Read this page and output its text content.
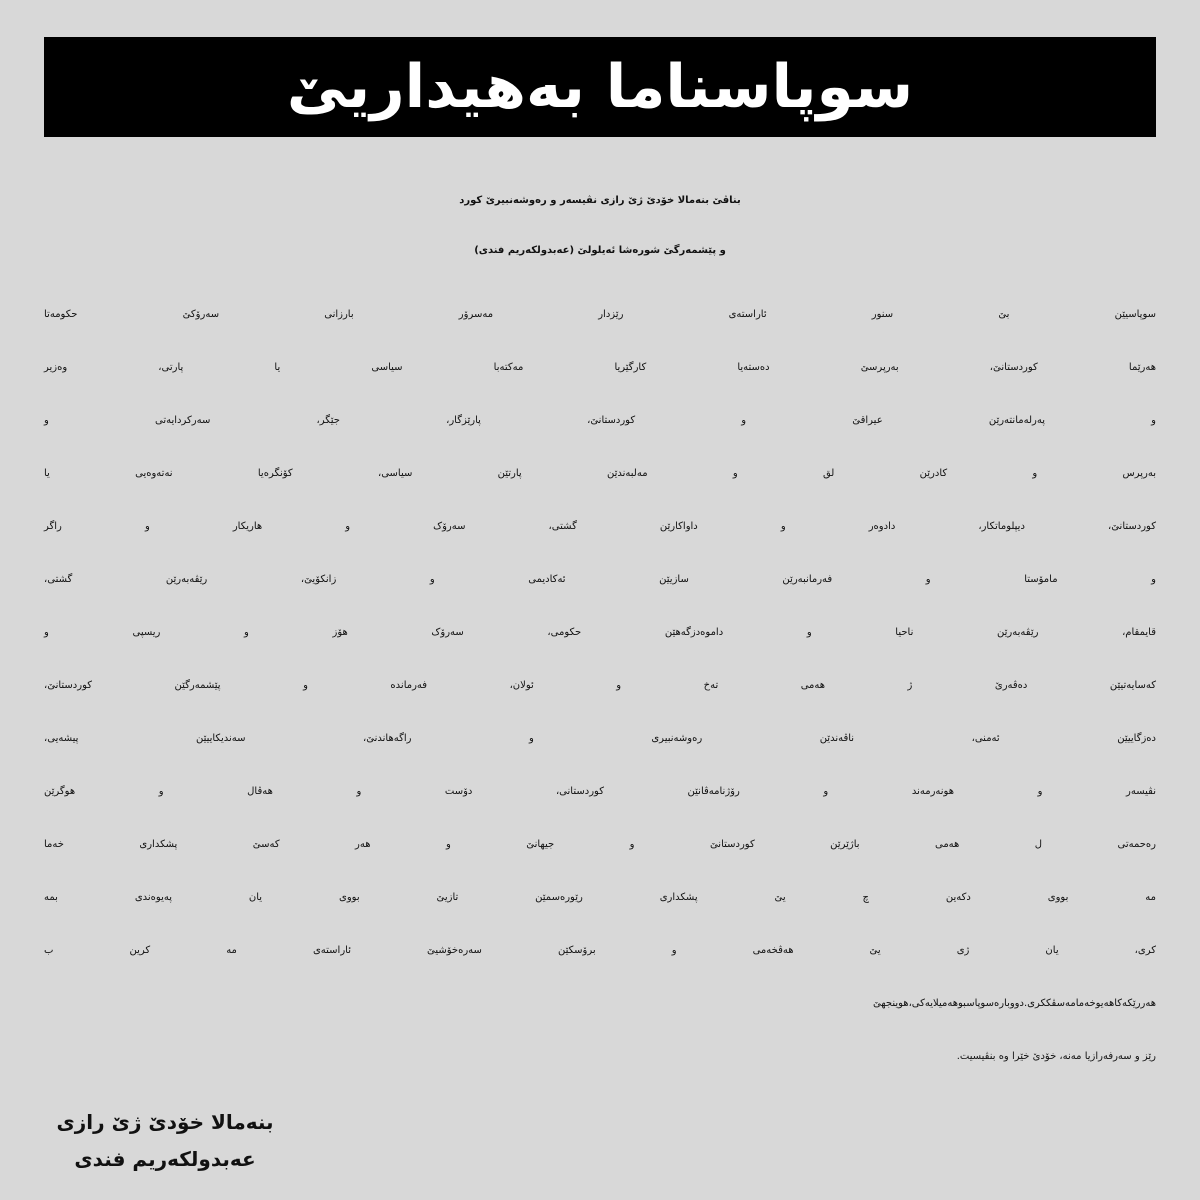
سوپاسناما بەهیداریێ
بناڤێ بنەمالا خۆدێ ژێ رازی نڤیسەر و رەوشەنبیرێ کورد
و پێشمەرگێ شورەشا ئەیلولێ (عەبدولکەریم فندی)
سوپاسیێن بێ سنور ئاراستەی رێزدار مەسرۆر بارزانی سەرۆکێ حکومەتا
هەرێما کوردستانێ، بەرپرسێ دەستەیا کارگێریا مەکتەبا سیاسی یا پارتی، وەزیر
و پەرلەمانتەرێن عیراقێ و کوردستانێ، پارێزگار، جێگر، سەرکردایەتی و
بەرپرس و کادرێن لق و مەلبەندێن پارتێن سیاسی، کۆنگرەیا نەتەوەیی یا
کوردستانێ، دیپلوماتکار، دادوەر و داواکارێن گشتی، سەرۆک و هاریکار و راگر
و مامۆستا و فەرمانبەرێن سازیێن ئەکادیمی و زانکۆیێ، رێڤەبەرێن گشتی،
قایمقام، رێڤەبەرێن ناحیا و داموەدزگەهێن حکومی، سەرۆک هۆز و ریسپی و
کەسایەتیێن دەڤەرێ ژ هەمی تەخ و ئولان، فەرماندە و پێشمەرگێن کوردستانێ،
دەزگاییێن ئەمنی، ناڤەندێن رەوشەنبیری و راگەهاندنێ، سەندیکاییێن پیشەیی،
نڤیسەر و هونەرمەند و رۆژنامەڤانێن کوردستانی، دۆست و هەڤال و هوگرێن
رەحمەتی ل هەمی باژێرێن کوردستانێ و جیهانێ و هەر کەسێ پشکداری خەما
مە بووی دکەین چ یێ پشکداری رێورەسمێن تازیێ بووی یان پەیوەندی بمە
کری، یان ژی یێ هەڤخەمی و برۆسکێن سەرەخۆشیێ ئاراستەی مە کرین ب
هەررێکەکاهەیوخەمامەسڤککری.دووبارەسوپاسبوهەمیلایەکی،هوینجهێ
رێز و سەرفەرازیا مەنە، خۆدێ خێرا وە بنڤیسیت.
بنەمالا خۆدێ ژێ رازی
عەبدولکەریم فندی
